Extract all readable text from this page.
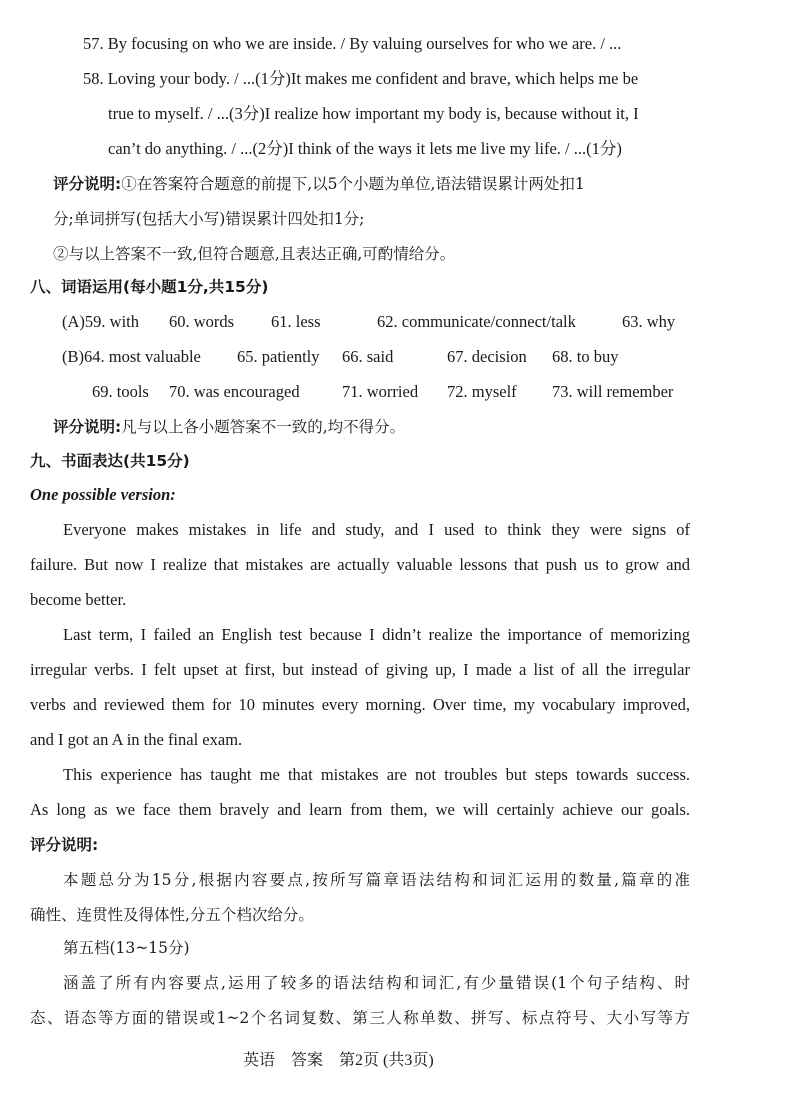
57. By focusing on who we are inside. / By valuing ourselves for who we are. / ...
58. Loving your body. / ...(1分)It makes me confident and brave, which helps me be
true to myself. / ...(3分)I realize how important my body is, because without it, I
can’t do anything. / ...(2分)I think of the ways it lets me live my life. / ...(1分)
评分说明:①在答案符合题意的前提下,以5个小题为单位,语法错误累计两处扣1
分;单词拼写(包括大小写)错误累计四处扣1分;
②与以上答案不一致,但符合题意,且表达正确,可酌情给分。
八、词语运用(每小题1分,共15分)
(A)59. with 60. words 61. less	62. communicate/connect/talk	63. why
(B)64. most valuable 65. patiently 66. said	67. decision 68. to buy
69. tools 70. was encouraged	71. worried 72. myself 73. will remember
评分说明:凡与以上各小题答案不一致的,均不得分。
九、书面表达(共15分)
One possible version:
Everyone makes mistakes in life and study, and I used to think they were signs of
failure. But now I realize that mistakes are actually valuable lessons that push us to grow and
become better.
Last term, I failed an English test because I didn’t realize the importance of memorizing
irregular verbs. I felt upset at first, but instead of giving up, I made a list of all the irregular
verbs and reviewed them for 10 minutes every morning. Over time, my vocabulary improved,
and I got an A in the final exam.
This experience has taught me that mistakes are not troubles but steps towards success.
As long as we face them bravely and learn from them, we will certainly achieve our goals.
评分说明:
本题总分为15分,根据内容要点,按所写篇章语法结构和词汇运用的数量,篇章的准
确性、连贯性及得体性,分五个档次给分。
第五档(13~15分)
涵盖了所有内容要点,运用了较多的语法结构和词汇,有少量错误(1个句子结构、时
态、语态等方面的错误或1~2个名词复数、第三人称单数、拼写、标点符号、大小写等方
英语　答案　第2页 (共3页)
